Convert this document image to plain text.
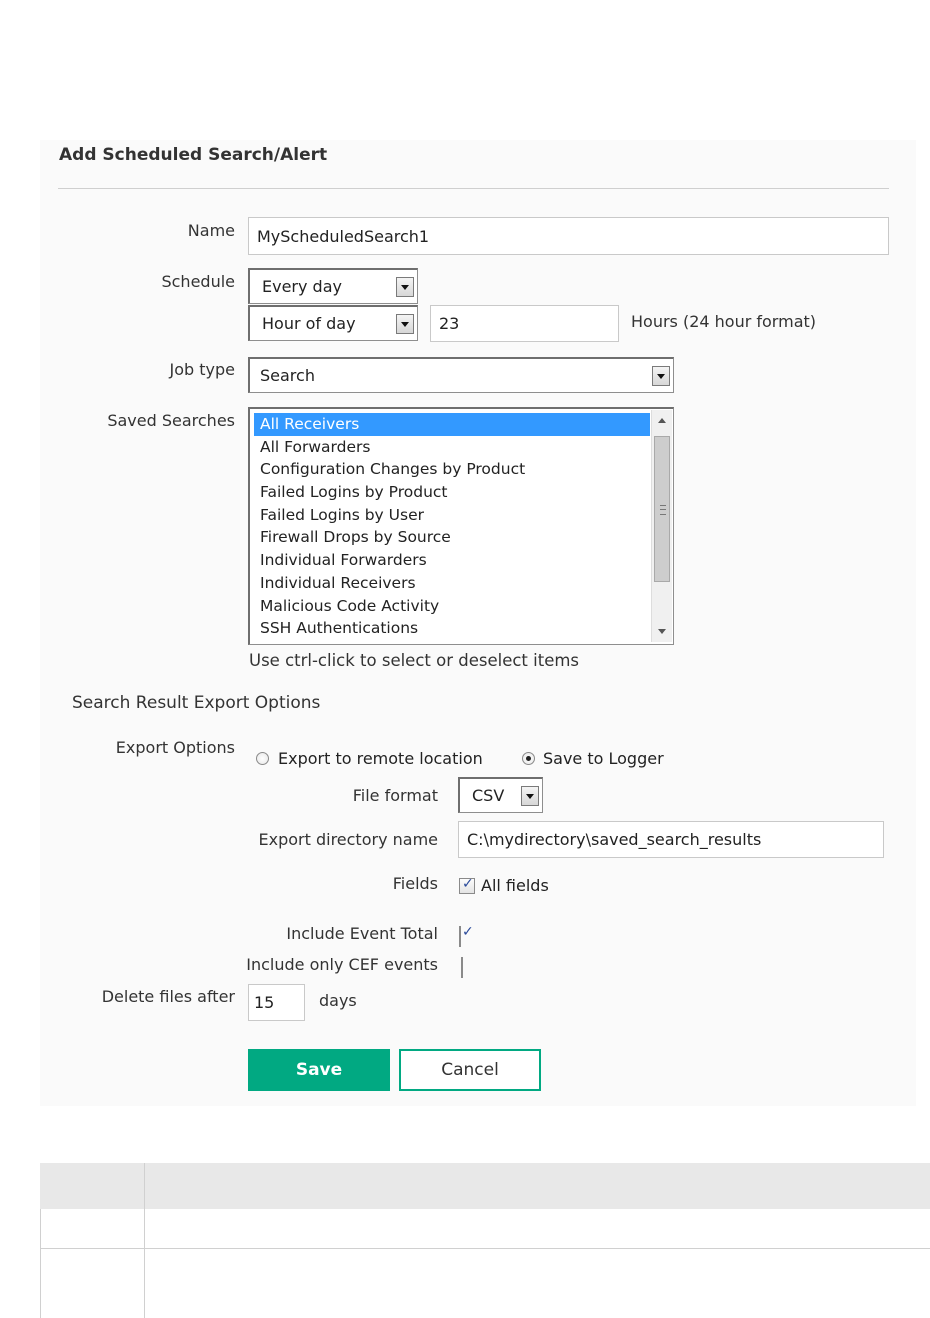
Add Scheduled Search/Alert
Name MyScheduledSearch1
Schedule	Every day
Hour of day	23	Hours (24 hour format)
Job type	Search
Saved Searches	All Receivers
All Forwarders
Configuration Changes by Product
Failed Logins by Product
Failed Logins by User
Firewall Drops by Source
Individual Forwarders
Individual Receivers
Malicious Code Activity
SSH Authentications
Use ctrl-click to select or deselect items
Search Result Export Options
Export Options
Export to remote location	Save to Logger
File format	CSV
Export directory name C:\mydirectory\saved_search_results
Fields
✓	All fields
Include Event Total
✓
Include only CEF events
Delete files after 15	days
Save	Cancel
